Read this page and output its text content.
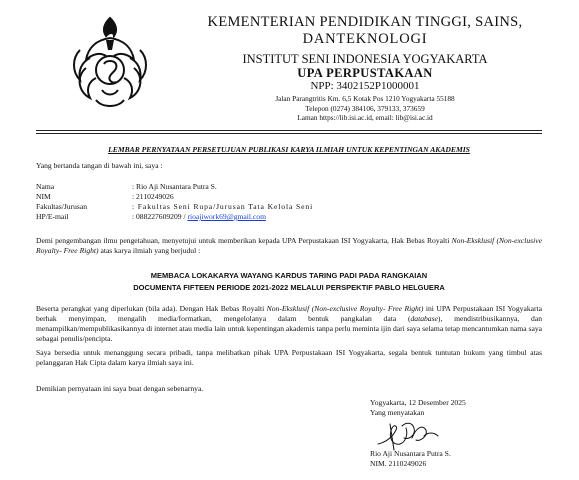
KEMENTERIAN PENDIDIKAN TINGGI, SAINS,
DANTEKNOLOGI
INSTITUT SENI INDONESIA YOGYAKARTA
UPA PERPUSTAKAAN
NPP: 3402152P1000001
Jalan Parangtritis Km. 6,5 Kotak Pos 1210 Yogyakarta 55188
Telepon (0274) 384106, 379133, 373659
Laman https://lib.isi.ac.id, email: lib@isi.ac.id
LEMBAR PERNYATAAN PERSETUJUAN PUBLIKASI KARYA ILMIAH UNTUK KEPENTINGAN AKADEMIS
Yang bertanda tangan di bawah ini, saya :
Nama	: Rio Aji Nusantara Putra S.
NIM	: 2110249026
Fakultas/Jurusan	: Fakultas Seni Rupa/Jurusan Tata Kelola Seni
HP/E-mail	: 088227609209 / rioajiwork69@gmail.com
Demi pengembangan ilmu pengetahuan, menyetujui untuk memberikan kepada UPA Perpustakaan ISI Yogyakarta, Hak Bebas Royalti Non-Eksklusif (Non-exclusive Royalty- Free Right) atas karya ilmiah yang berjudul :
MEMBACA LOKAKARYA WAYANG KARDUS TARING PADI PADA RANGKAIAN
DOCUMENTA FIFTEEN PERIODE 2021-2022 MELALUI PERSPEKTIF PABLO HELGUERA
Beserta perangkat yang diperlukan (bila ada). Dengan Hak Bebas Royalti Non-Eksklusif (Non-exclusive Royalty- Free Right) ini UPA Perpustakaan ISI Yogyakarta berhak menyimpan, mengalih media/formatkan, mengelolanya dalam bentuk pangkalan data (database), mendistribusikannya, dan menampilkan/mempublikasikannya di internet atau media lain untuk kepentingan akademis tanpa perlu meminta ijin dari saya selama tetap mencantumkan nama saya sebagai penulis/pencipta.
Saya bersedia untuk menanggung secara pribadi, tanpa melibatkan pihak UPA Perpustakaan ISI Yogyakarta, segala bentuk tuntutan hukum yang timbul atas pelanggaran Hak Cipta dalam karya ilmiah saya ini.
Demikian pernyataan ini saya buat dengan sebenarnya.
Yogyakarta, 12 Desember 2025
Yang menyatakan
Rio Aji Nusantara Putra S.
NIM. 2110249026
